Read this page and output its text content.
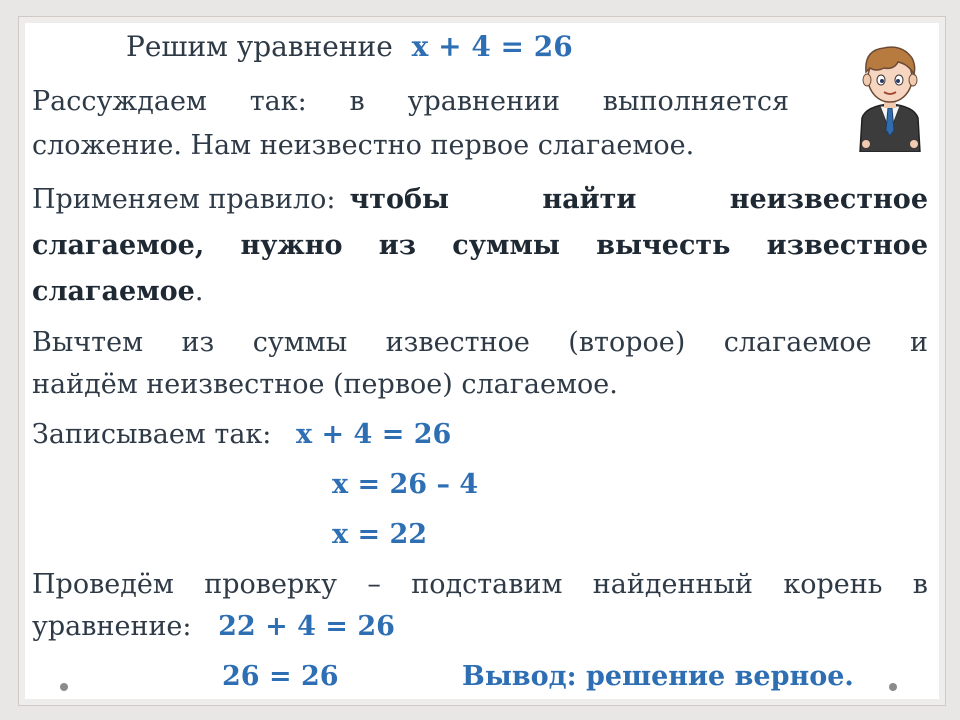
Решим уравнение x + 4 = 26
Рассуждаем так: в уравнении выполняется
сложение. Нам неизвестно первое слагаемое.
Применяем правило: чтобы найти неизвестное
слагаемое, нужно из суммы вычесть известное
слагаемое.
Вычтем из суммы известное (второе) слагаемое и
найдём неизвестное (первое) слагаемое.
Записываем так: x + 4 = 26
x = 26 – 4
x = 22
Проведём проверку – подставим найденный корень в
уравнение: 22 + 4 = 26
26 = 26	Вывод: решение верное.
